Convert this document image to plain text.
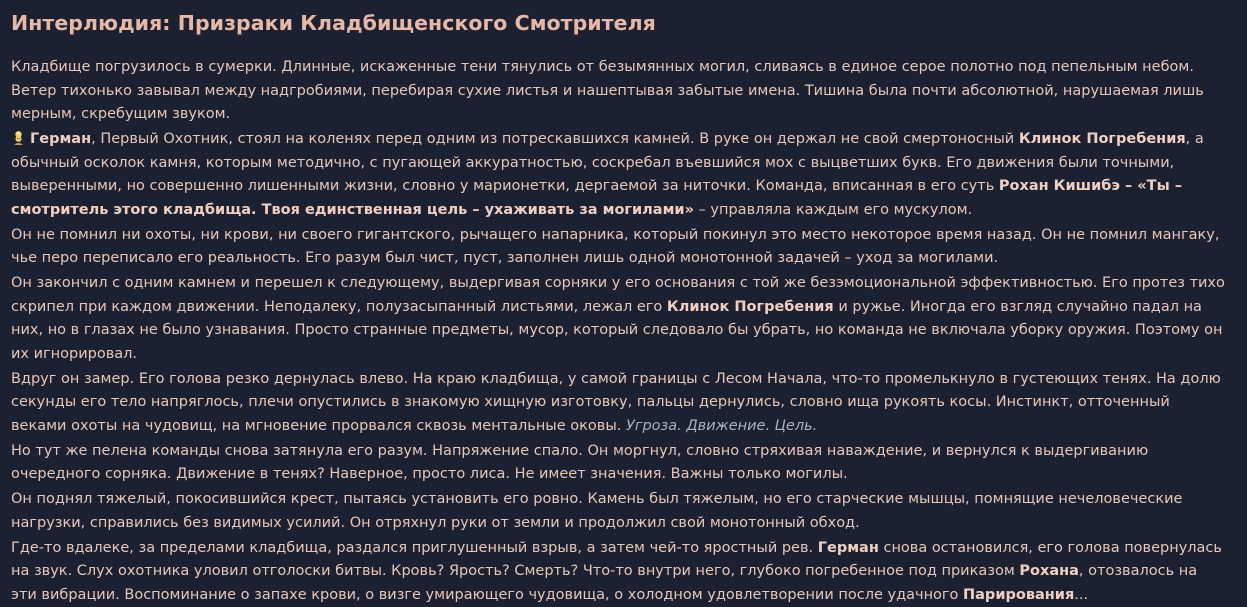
Интерлюдия: Призраки Кладбищенского Смотрителя

Кладбище погрузилось в сумерки. Длинные, искаженные тени тянулись от безымянных могил, сливаясь в единое серое полотно под пепельным небом. Ветер тихонько завывал между надгробиями, перебирая сухие листья и нашептывая забытые имена. Тишина была почти абсолютной, нарушаемая лишь мерным, скребущим звуком.

Герман, Первый Охотник, стоял на коленях перед одним из потрескавшихся камней. В руке он держал не свой смертоносный Клинок Погребения, а обычный осколок камня, которым методично, с пугающей аккуратностью, соскребал въевшийся мох с выцветших букв. Его движения были точными, выверенными, но совершенно лишенными жизни, словно у марионетки, дергаемой за ниточки. Команда, вписанная в его суть Рохан Кишибэ – «Ты – смотритель этого кладбища. Твоя единственная цель – ухаживать за могилами» – управляла каждым его мускулом.

Он не помнил ни охоты, ни крови, ни своего гигантского, рычащего напарника, который покинул это место некоторое время назад. Он не помнил мангаку, чье перо переписало его реальность. Его разум был чист, пуст, заполнен лишь одной монотонной задачей – уход за могилами.

Он закончил с одним камнем и перешел к следующему, выдергивая сорняки у его основания с той же безэмоциональной эффективностью. Его протез тихо скрипел при каждом движении. Неподалеку, полузасыпанный листьями, лежал его Клинок Погребения и ружье. Иногда его взгляд случайно падал на них, но в глазах не было узнавания. Просто странные предметы, мусор, который следовало бы убрать, но команда не включала уборку оружия. Поэтому он их игнорировал.

Вдруг он замер. Его голова резко дернулась влево. На краю кладбища, у самой границы с Лесом Начала, что-то промелькнуло в густеющих тенях. На долю секунды его тело напряглось, плечи опустились в знакомую хищную изготовку, пальцы дернулись, словно ища рукоять косы. Инстинкт, отточенный веками охоты на чудовищ, на мгновение прорвался сквозь ментальные оковы. Угроза. Движение. Цель.

Но тут же пелена команды снова затянула его разум. Напряжение спало. Он моргнул, словно стряхивая наваждение, и вернулся к выдергиванию очередного сорняка. Движение в тенях? Наверное, просто лиса. Не имеет значения. Важны только могилы.

Он поднял тяжелый, покосившийся крест, пытаясь установить его ровно. Камень был тяжелым, но его старческие мышцы, помнящие нечеловеческие нагрузки, справились без видимых усилий. Он отряхнул руки от земли и продолжил свой монотонный обход.

Где-то вдалеке, за пределами кладбища, раздался приглушенный взрыв, а затем чей-то яростный рев. Герман снова остановился, его голова повернулась на звук. Слух охотника уловил отголоски битвы. Кровь? Ярость? Смерть? Что-то внутри него, глубоко погребенное под приказом Рохана, отозвалось на эти вибрации. Воспоминание о запахе крови, о визге умирающего чудовища, о холодном удовлетворении после удачного Парирования...
